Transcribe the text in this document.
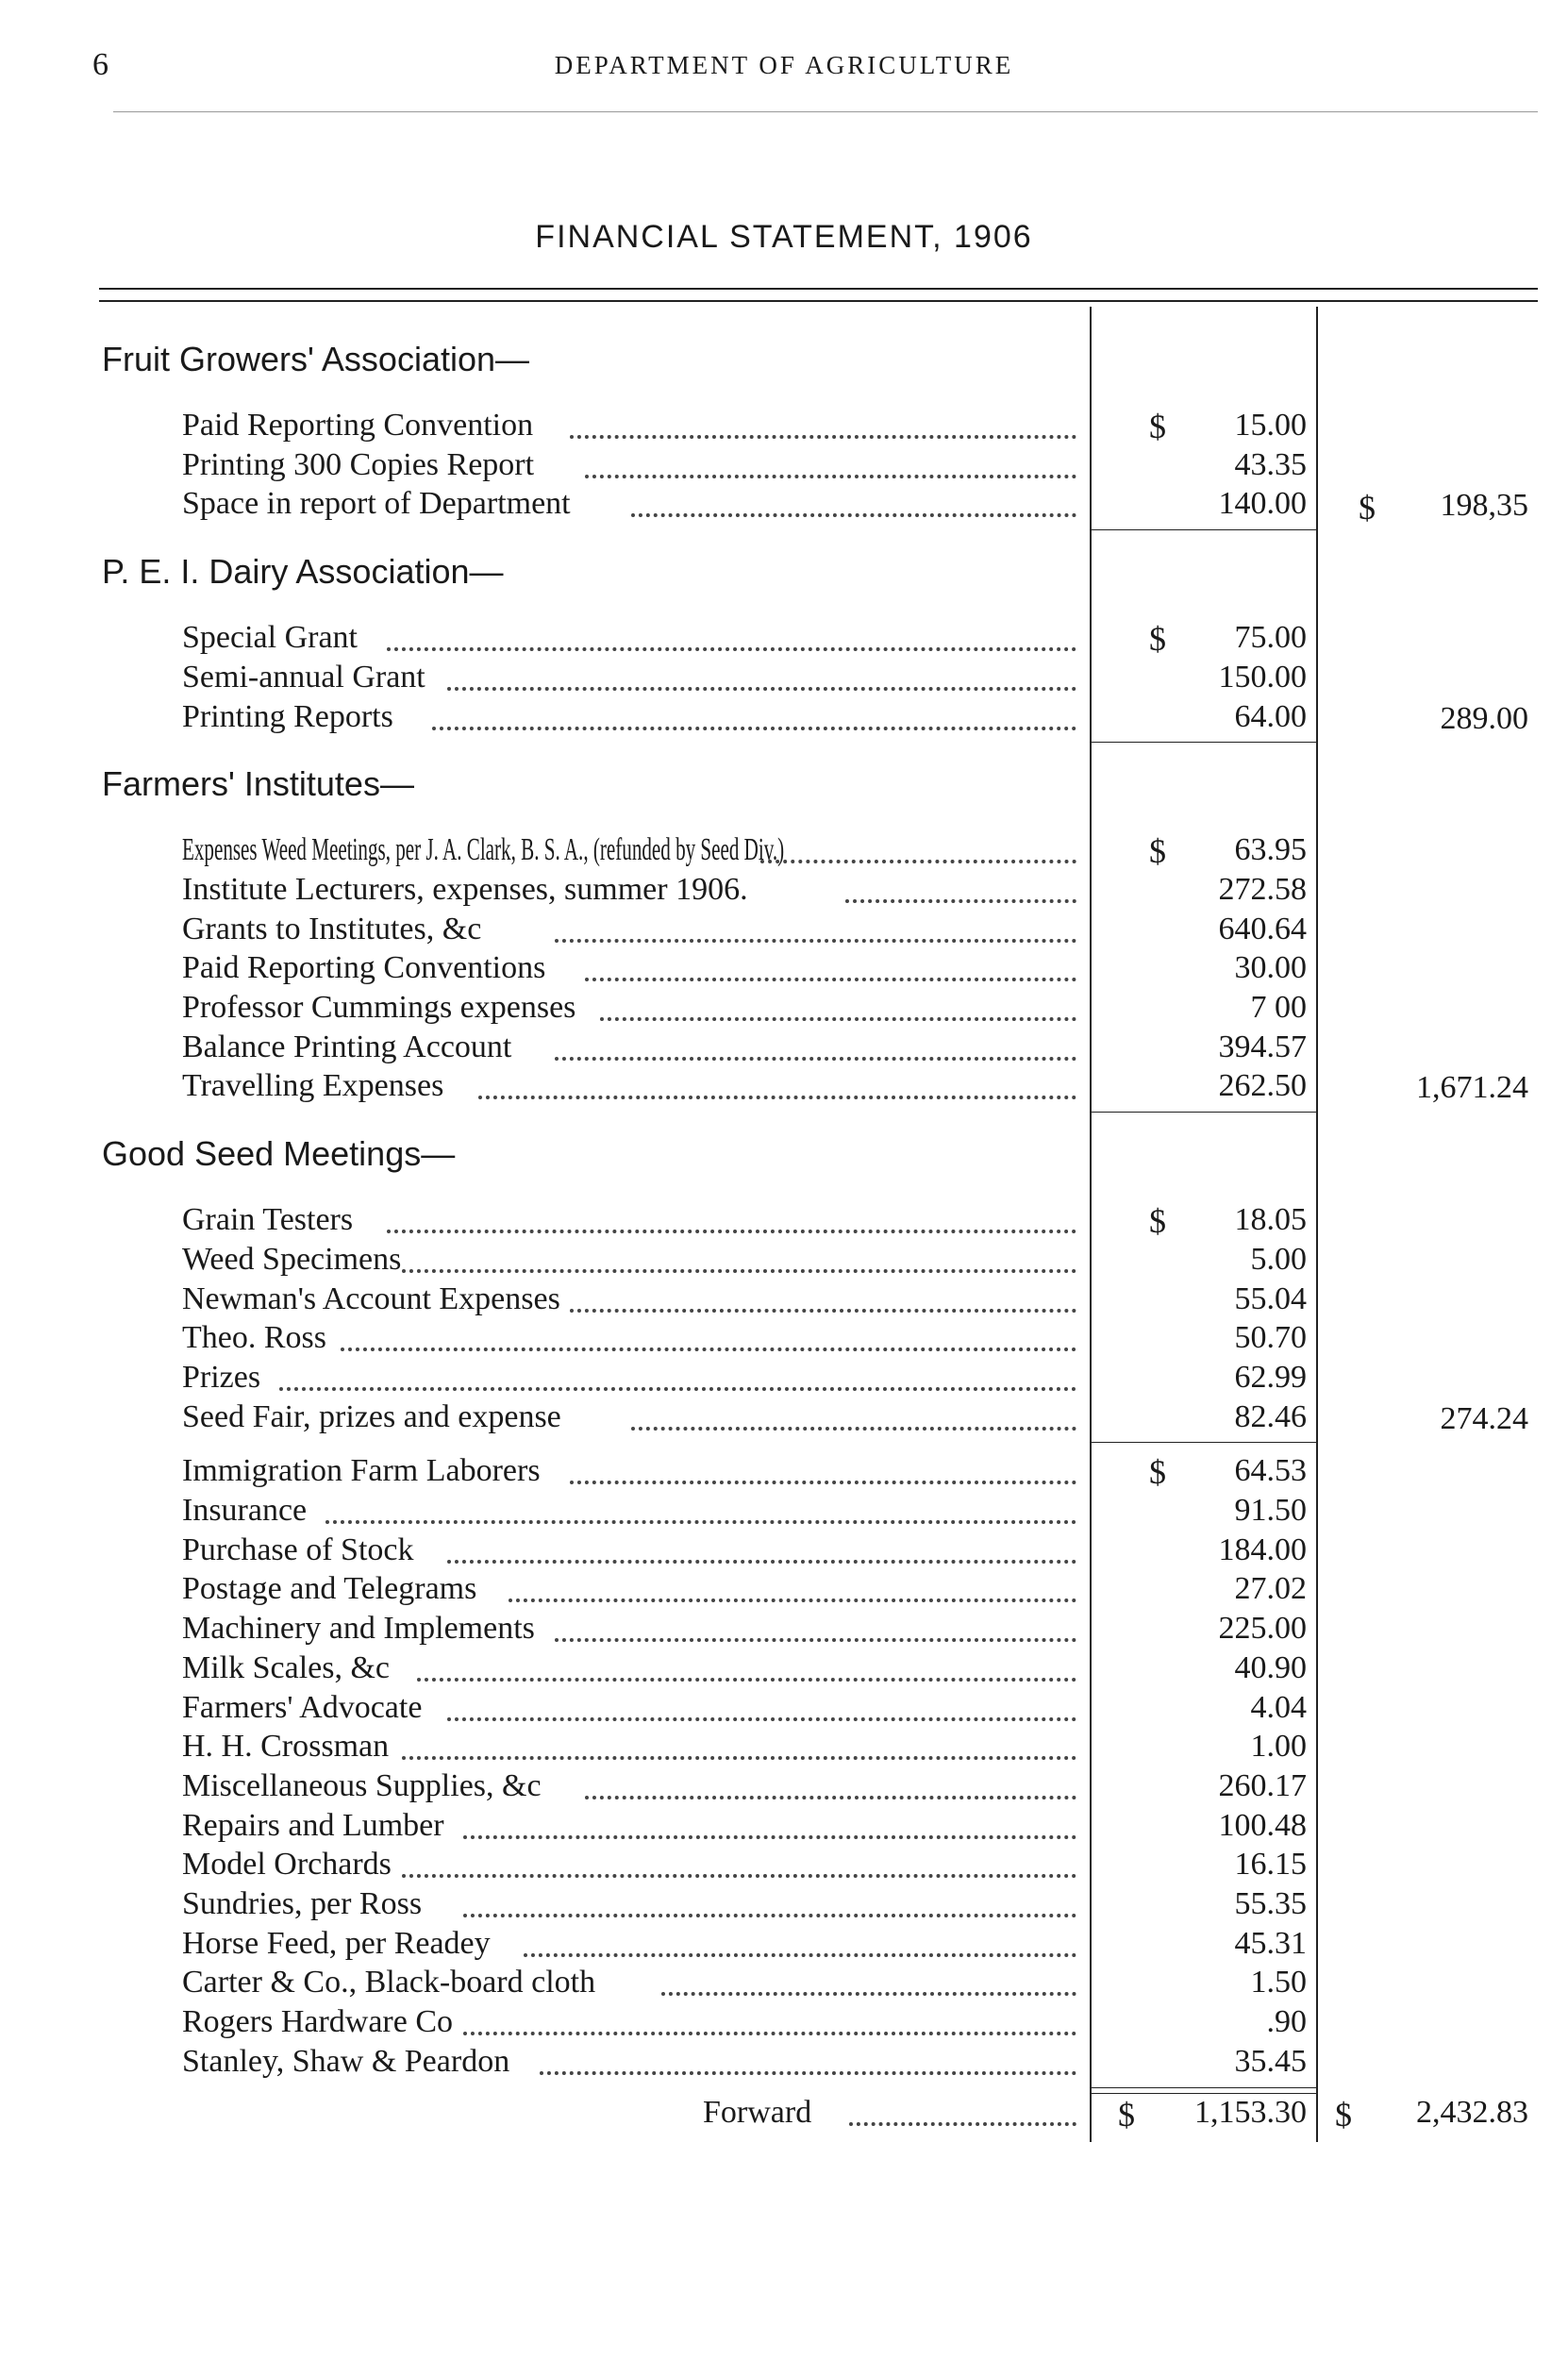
6	DEPARTMENT OF AGRICULTURE
FINANCIAL STATEMENT, 1906
Fruit Growers' Association—
Paid Reporting Convention	$	15.00
Printing 300 Copies Report	43.35
Space in report of Department	140.00 $	198,35
P. E. I. Dairy Association—
Special Grant	$	75.00
Semi-annual Grant	150.00
Printing Reports	64.00	289.00
Farmers' Institutes—
Expenses Weed Meetings, per J. A. Clark, B. S. A., (refunded by Seed Div.)	$	63.95
Institute Lecturers, expenses, summer 1906.	272.58
Grants to Institutes, &c	640.64
Paid Reporting Conventions	30.00
Professor Cummings expenses	7 00
Balance Printing Account	394.57
Travelling Expenses	262.50	1,671.24
Good Seed Meetings—
Grain Testers	$	18.05
Weed Specimens	5.00
Newman's Account Expenses	55.04
Theo. Ross	50.70
Prizes	62.99
Seed Fair, prizes and expense	82.46	274.24
Immigration Farm Laborers	$	64.53
Insurance	91.50
Purchase of Stock	184.00
Postage and Telegrams	27.02
Machinery and Implements	225.00
Milk Scales, &c	40.90
Farmers' Advocate	4.04
H. H. Crossman	1.00
Miscellaneous Supplies, &c	260.17
Repairs and Lumber	100.48
Model Orchards	16.15
Sundries, per Ross	55.35
Horse Feed, per Readey	45.31
Carter & Co., Black-board cloth	1.50
Rogers Hardware Co	.90
Stanley, Shaw & Peardon	35.45
Forward	$	1,153.30 $	2,432.83
